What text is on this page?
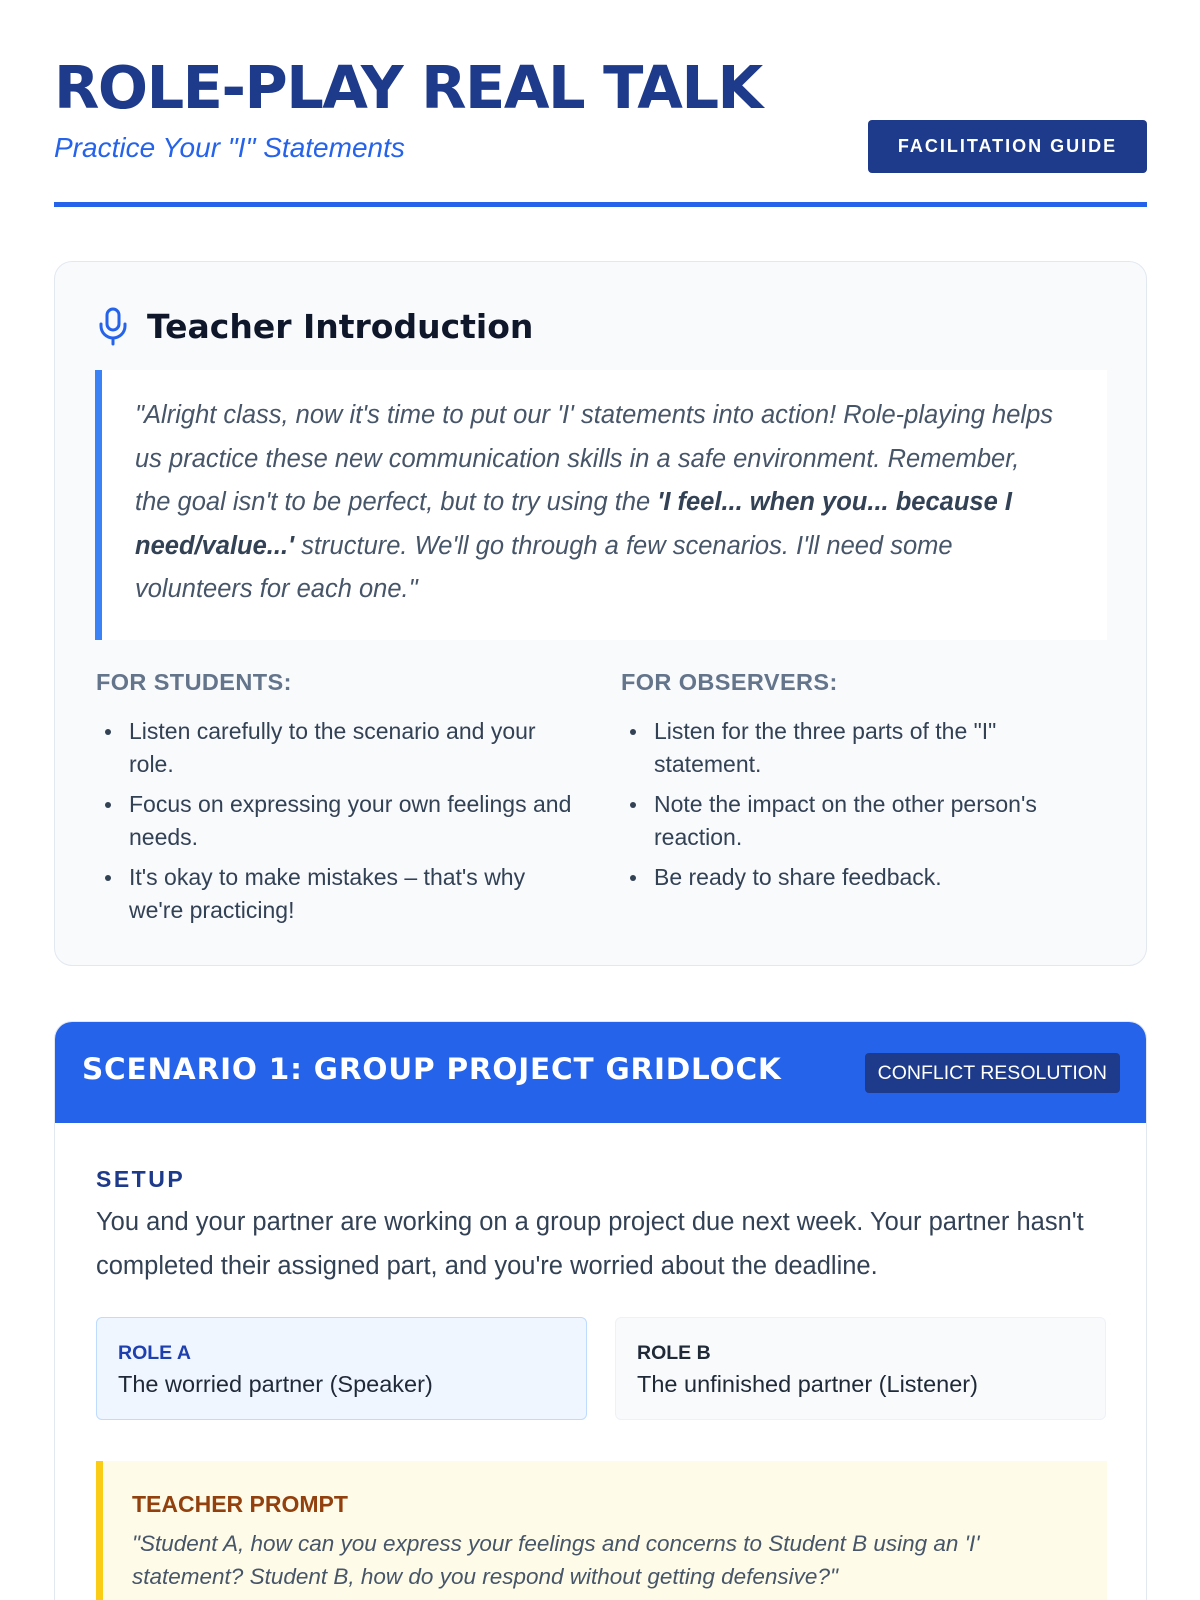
ROLE-PLAY REAL TALK
Practice Your "I" Statements	FACILITATION GUIDE
Teacher Introduction
"Alright class, now it's time to put our 'I' statements into action! Role-playing helps us practice these new communication skills in a safe environment. Remember, the goal isn't to be perfect, but to try using the 'I feel... when you... because I need/value...' structure. We'll go through a few scenarios. I'll need some volunteers for each one."
FOR STUDENTS:
Listen carefully to the scenario and your role.
Focus on expressing your own feelings and needs.
It's okay to make mistakes – that's why we're practicing!
FOR OBSERVERS:
Listen for the three parts of the "I" statement.
Note the impact on the other person's reaction.
Be ready to share feedback.
SCENARIO 1: GROUP PROJECT GRIDLOCK	CONFLICT RESOLUTION
SETUP

You and your partner are working on a group project due next week. Your partner hasn't completed their assigned part, and you're worried about the deadline.

ROLE A
The worried partner (Speaker)
ROLE B
The unfinished partner (Listener)
TEACHER PROMPT
"Student A, how can you express your feelings and concerns to Student B using an 'I' statement? Student B, how do you respond without getting defensive?"
